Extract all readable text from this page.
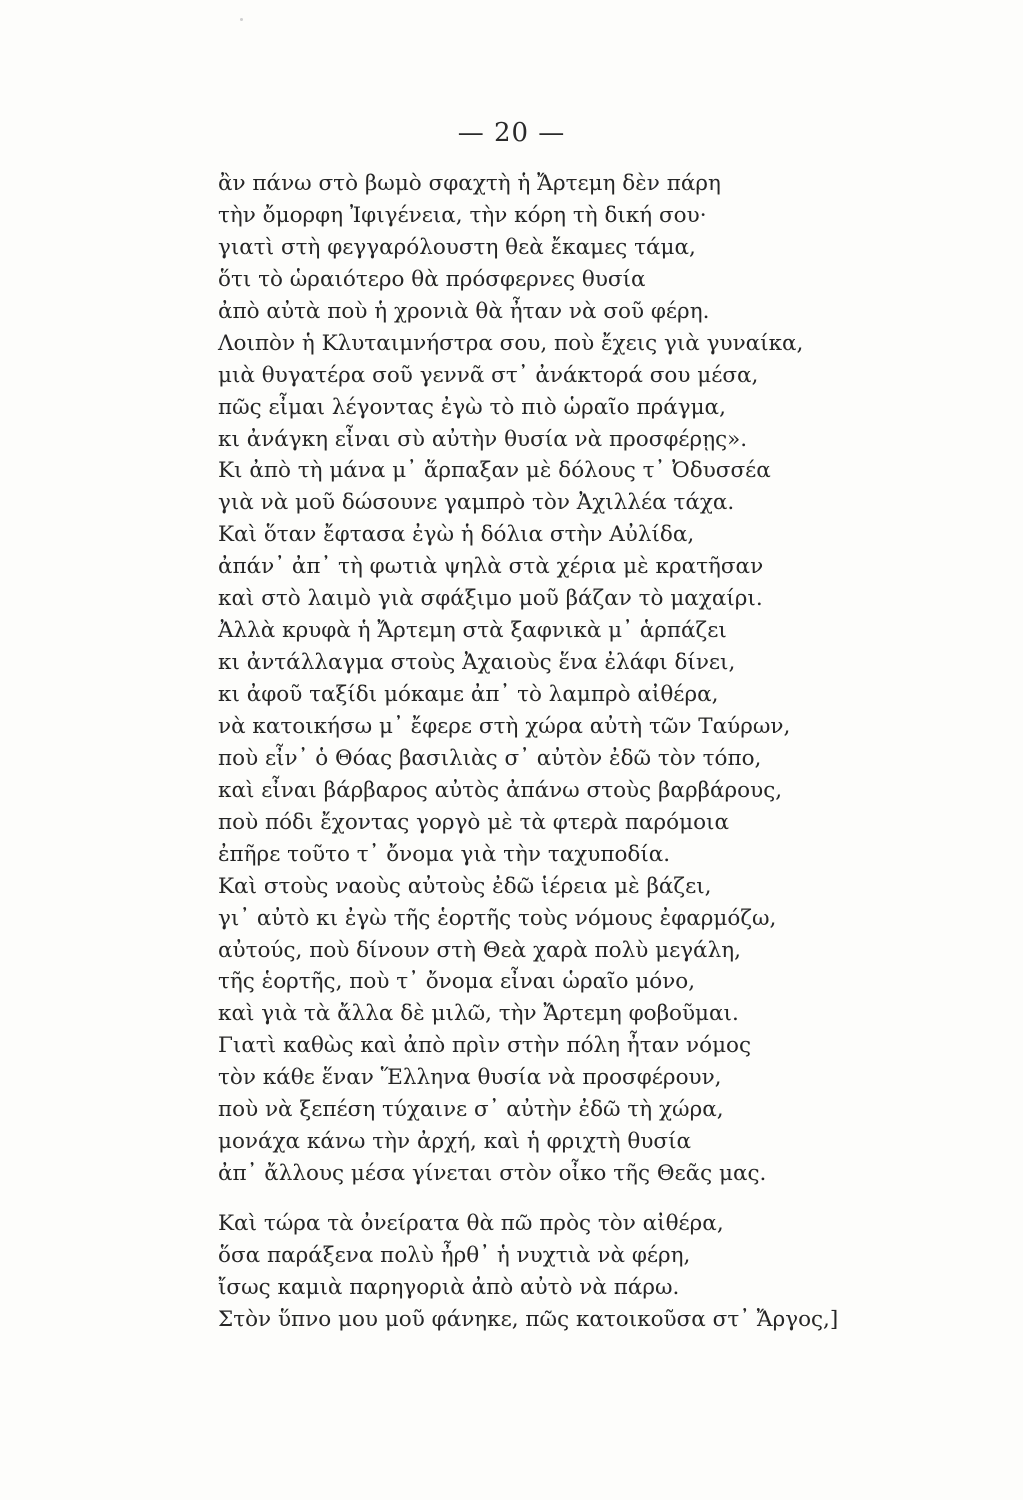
— 20 —
ἂν πάνω στὸ βωμὸ σφαχτὴ ἡ Ἄρτεμη δὲν πάρη
τὴν ὄμορφη Ἰφιγένεια, τὴν κόρη τὴ δική σου·
γιατὶ στὴ φεγγαρόλουστη θεὰ ἔκαμες τάμα,
ὅτι τὸ ὡραιότερο θὰ πρόσφερνες θυσία
ἀπὸ αὐτὰ ποὺ ἡ χρονιὰ θὰ ἦταν νὰ σοῦ φέρη.
Λοιπὸν ἡ Κλυταιμνήστρα σου, ποὺ ἔχεις γιὰ γυναίκα,
μιὰ θυγατέρα σοῦ γεννᾶ στ᾿ ἀνάκτορά σου μέσα,
πῶς εἶμαι λέγοντας ἐγὼ τὸ πιὸ ὡραῖο πράγμα,
κι ἀνάγκη εἶναι σὺ αὐτὴν θυσία νὰ προσφέρῃς».
Κι ἀπὸ τὴ μάνα μ᾿ ἅρπαξαν μὲ δόλους τ᾿ Ὀδυσσέα
γιὰ νὰ μοῦ δώσουνε γαμπρὸ τὸν Ἀχιλλέα τάχα.
Καὶ ὅταν ἔφτασα ἐγὼ ἡ δόλια στὴν Αὐλίδα,
ἀπάν᾿ ἀπ᾿ τὴ φωτιὰ ψηλὰ στὰ χέρια μὲ κρατῆσαν
καὶ στὸ λαιμὸ γιὰ σφάξιμο μοῦ βάζαν τὸ μαχαίρι.
Ἀλλὰ κρυφὰ ἡ Ἄρτεμη στὰ ξαφνικὰ μ᾿ ἁρπάζει
κι ἀντάλλαγμα στοὺς Ἀχαιοὺς ἕνα ἐλάφι δίνει,
κι ἀφοῦ ταξίδι μόκαμε ἀπ᾿ τὸ λαμπρὸ αἰθέρα,
νὰ κατοικήσω μ᾿ ἔφερε στὴ χώρα αὐτὴ τῶν Ταύρων,
ποὺ εἶν᾿ ὁ Θόας βασιλιὰς σ᾿ αὐτὸν ἐδῶ τὸν τόπο,
καὶ εἶναι βάρβαρος αὐτὸς ἀπάνω στοὺς βαρβάρους,
ποὺ πόδι ἔχοντας γοργὸ μὲ τὰ φτερὰ παρόμοια
ἐπῆρε τοῦτο τ᾿ ὄνομα γιὰ τὴν ταχυποδία.
Καὶ στοὺς ναοὺς αὐτοὺς ἐδῶ ἱέρεια μὲ βάζει,
γι᾿ αὐτὸ κι ἐγὼ τῆς ἑορτῆς τοὺς νόμους ἐφαρμόζω,
αὐτούς, ποὺ δίνουν στὴ Θεὰ χαρὰ πολὺ μεγάλη,
τῆς ἑορτῆς, ποὺ τ᾿ ὄνομα εἶναι ὡραῖο μόνο,
καὶ γιὰ τὰ ἄλλα δὲ μιλῶ, τὴν Ἄρτεμη φοβοῦμαι.
Γιατὶ καθὼς καὶ ἀπὸ πρὶν στὴν πόλη ἦταν νόμος
τὸν κάθε ἕναν Ἕλληνα θυσία νὰ προσφέρουν,
ποὺ νὰ ξεπέση τύχαινε σ᾿ αὐτὴν ἐδῶ τὴ χώρα,
μονάχα κάνω τὴν ἀρχή, καὶ ἡ φριχτὴ θυσία
ἀπ᾿ ἄλλους μέσα γίνεται στὸν οἶκο τῆς Θεᾶς μας.
Καὶ τώρα τὰ ὀνείρατα θὰ πῶ πρὸς τὸν αἰθέρα,
ὅσα παράξενα πολὺ ἦρθ᾿ ἡ νυχτιὰ νὰ φέρη,
ἴσως καμιὰ παρηγοριὰ ἀπὸ αὐτὸ νὰ πάρω.
Στὸν ὕπνο μου μοῦ φάνηκε, πῶς κατοικοῦσα στ᾿ Ἄργος,]
